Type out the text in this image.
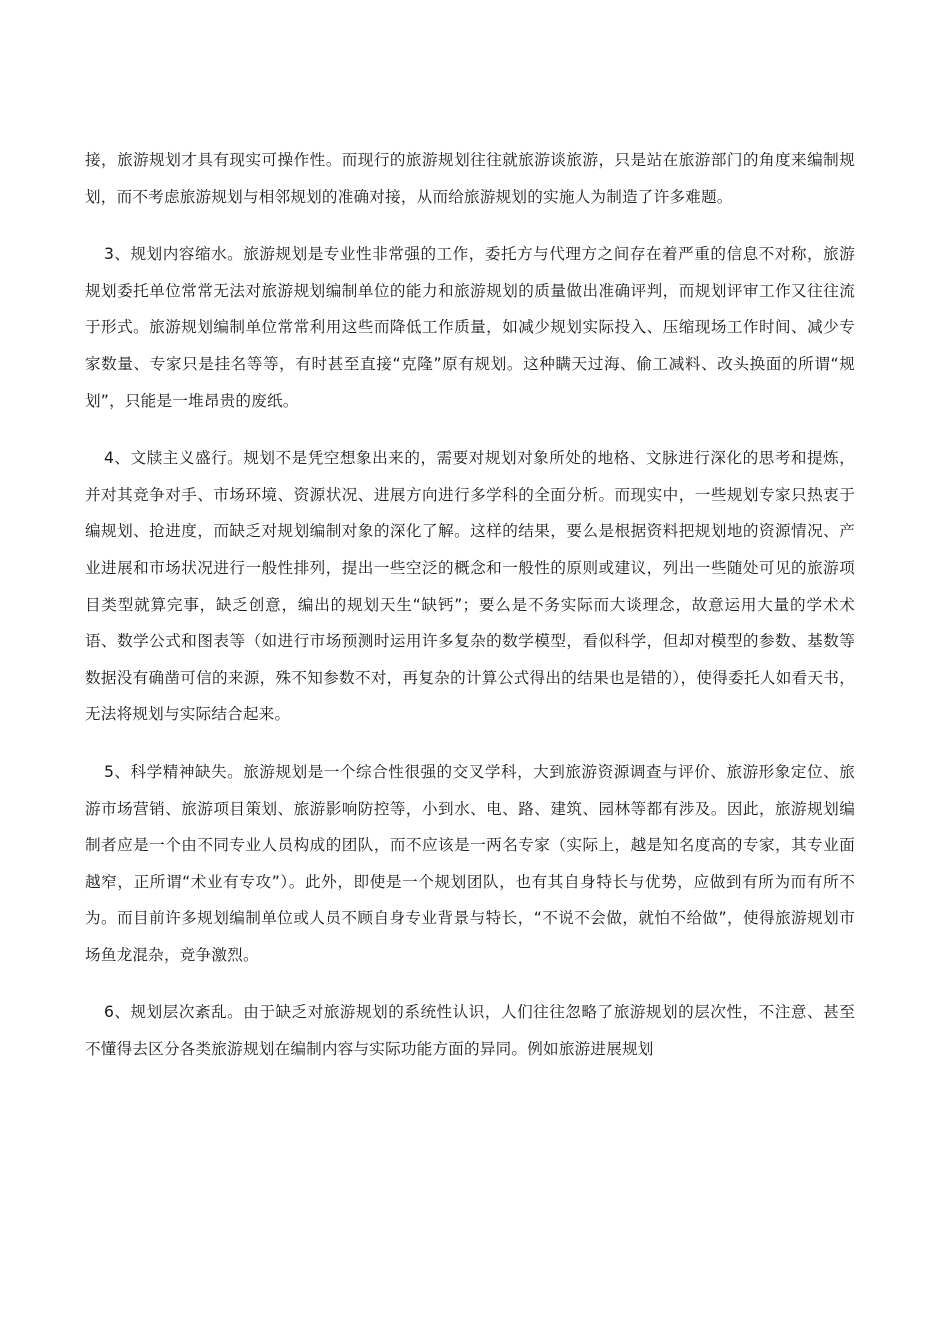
接，旅游规划才具有现实可操作性。而现行的旅游规划往往就旅游谈旅游，只是站在旅游部门的角度来编制规划，而不考虑旅游规划与相邻规划的准确对接，从而给旅游规划的实施人为制造了许多难题。

3、规划内容缩水。旅游规划是专业性非常强的工作，委托方与代理方之间存在着严重的信息不对称，旅游规划委托单位常常无法对旅游规划编制单位的能力和旅游规划的质量做出准确评判，而规划评审工作又往往流于形式。旅游规划编制单位常常利用这些而降低工作质量，如减少规划实际投入、压缩现场工作时间、减少专家数量、专家只是挂名等等，有时甚至直接“克隆”原有规划。这种瞒天过海、偷工减料、改头换面的所谓“规划”，只能是一堆昂贵的废纸。

4、文牍主义盛行。规划不是凭空想象出来的，需要对规划对象所处的地格、文脉进行深化的思考和提炼，并对其竞争对手、市场环境、资源状况、进展方向进行多学科的全面分析。而现实中，一些规划专家只热衷于编规划、抢进度，而缺乏对规划编制对象的深化了解。这样的结果，要么是根据资料把规划地的资源情况、产业进展和市场状况进行一般性排列，提出一些空泛的概念和一般性的原则或建议，列出一些随处可见的旅游项目类型就算完事，缺乏创意，编出的规划天生“缺钙”；要么是不务实际而大谈理念，故意运用大量的学术术语、数学公式和图表等（如进行市场预测时运用许多复杂的数学模型，看似科学，但却对模型的参数、基数等数据没有确凿可信的来源，殊不知参数不对，再复杂的计算公式得出的结果也是错的），使得委托人如看天书，无法将规划与实际结合起来。

5、科学精神缺失。旅游规划是一个综合性很强的交叉学科，大到旅游资源调查与评价、旅游形象定位、旅游市场营销、旅游项目策划、旅游影响防控等，小到水、电、路、建筑、园林等都有涉及。因此，旅游规划编制者应是一个由不同专业人员构成的团队，而不应该是一两名专家（实际上，越是知名度高的专家，其专业面越窄，正所谓“术业有专攻”）。此外，即使是一个规划团队，也有其自身特长与优势，应做到有所为而有所不为。而目前许多规划编制单位或人员不顾自身专业背景与特长，“不说不会做，就怕不给做”，使得旅游规划市场鱼龙混杂，竞争激烈。

6、规划层次紊乱。由于缺乏对旅游规划的系统性认识，人们往往忽略了旅游规划的层次性，不注意、甚至不懂得去区分各类旅游规划在编制内容与实际功能方面的异同。例如旅游进展规划
